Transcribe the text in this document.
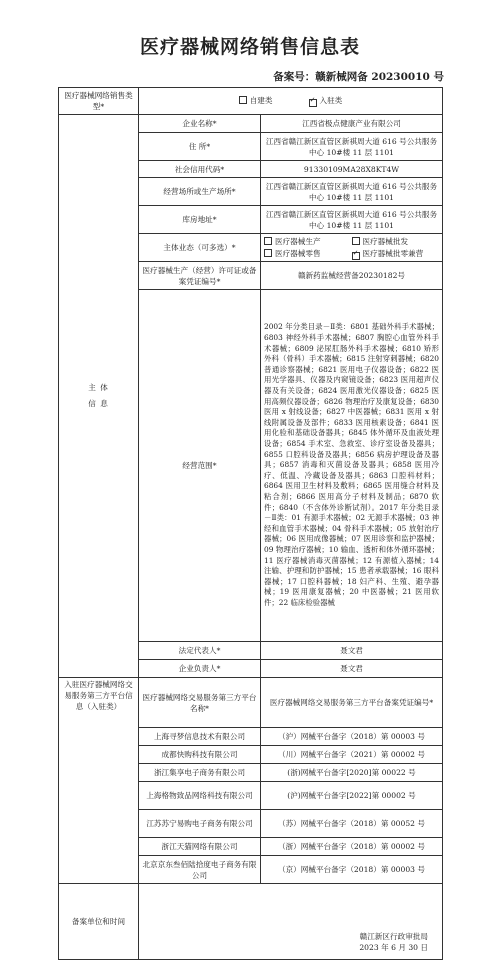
医疗器械网络销售信息表
备案号：赣新械网备 20230010 号
医疗器械网络销售类型*	自建类 ✓ 入驻类

主 体 信 息	企业名称*	江西省极点健康产业有限公司
	住 所*	江西省赣江新区直管区新祺周大道 616 号公共服务中心 10#楼 11 层 1101
	社会信用代码*	91330109MA28X8KT4W
	经营场所或生产场所*	江西省赣江新区直管区新祺周大道 616 号公共服务中心 10#楼 11 层 1101
	库房地址*	江西省赣江新区直管区新祺周大道 616 号公共服务中心 10#楼 11 层 1101
	主体业态（可多选）*	医疗器械生产 医疗器械批发
医疗器械零售 ✓ 医疗器械批零兼营

	医疗器械生产（经营）许可证或备案凭证编号*	赣新药监械经营备20230182号
	经营范围*	2002 年分类目录－Ⅱ类：6801 基础外科手术器械；6803 神经外科手术器械；6807 胸腔心血管外科手术器械；6809 泌尿肛肠外科手术器械；6810 矫形外科（骨科）手术器械；6815 注射穿刺器械；6820 普通诊察器械；6821 医用电子仪器设备；6822 医用光学器具、仪器及内窥镜设备；6823 医用超声仪器及有关设备；6824 医用激光仪器设备；6825 医用高频仪器设备；6826 物理治疗及康复设备；6830 医用 x 射线设备；6827 中医器械；6831 医用 x 射线附属设备及部件；6833 医用核素设备；6841 医用化验和基础设备器具；6845 体外循环及血液处理设备；6854 手术室、急救室、诊疗室设备及器具；6855 口腔科设备及器具；6856 病房护理设备及器具；6857 消毒和灭菌设备及器具；6858 医用冷疗、低温、冷藏设备及器具；6863 口腔科材料；6864 医用卫生材料及敷料；6865 医用缝合材料及粘合剂；6866 医用高分子材料及制品；6870 软件；6840（不含体外诊断试剂）。2017 年分类目录－Ⅱ类：01 有源手术器械；02 无源手术器械；03 神经和血管手术器械；04 骨科手术器械；05 放射治疗器械；06 医用成像器械；07 医用诊察和监护器械；09 物理治疗器械；10 输血、透析和体外循环器械；11 医疗器械消毒灭菌器械；12 有源植入器械；14 注输、护理和防护器械；15 患者承载器械；16 眼科器械；17 口腔科器械；18 妇产科、生殖、避孕器械；19 医用康复器械；20 中医器械；21 医用软件；22 临床检验器械
	法定代表人*	聂文君
	企业负责人*	聂文君
入驻医疗器械网络交易服务第三方平台信息（入驻类）	医疗器械网络交易服务第三方平台名称*	医疗器械网络交易服务第三方平台备案凭证编号*
	上海寻梦信息技术有限公司	（沪）网械平台备字（2018）第 00003 号
	成都快购科技有限公司	（川）网械平台备字（2021）第 00002 号
	浙江集享电子商务有限公司	(浙)网械平台备字[2020]第 00022 号
	上海格物致品网络科技有限公司	(沪)网械平台备字[2022]第 00002 号
	江苏苏宁易购电子商务有限公司	（苏）网械平台备字（2018）第 00052 号
	浙江天猫网络有限公司	（浙）网械平台备字（2018）第 00002 号
	北京京东叁佰陆拾度电子商务有限公司	（京）网械平台备字（2018）第 00003 号
备案单位和时间	赣江新区行政审批局
2023 年 6 月 30 日	
